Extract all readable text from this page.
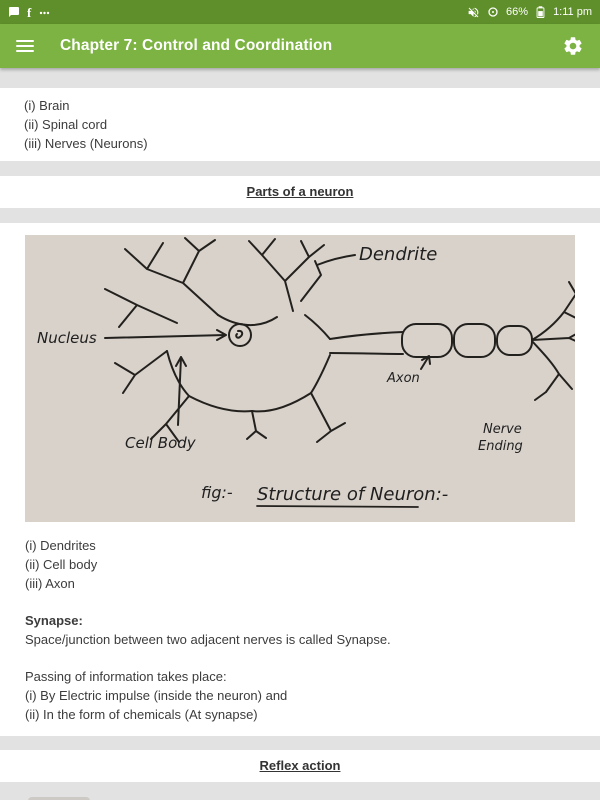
f	66% 1:11 pm
Chapter 7: Control and Coordination
(i) Brain
(ii) Spinal cord
(iii) Nerves (Neurons)
Parts of a neuron
Dendrite
Nucleus
Axon
Cell Body
Nerve
Ending
fig:- Structure of Neuron:-
(i) Dendrites
(ii) Cell body
(iii) Axon
Synapse:
Space/junction between two adjacent nerves is called Synapse.
Passing of information takes place:
(i) By Electric impulse (inside the neuron) and
(ii) In the form of chemicals (At synapse)
Reflex action
